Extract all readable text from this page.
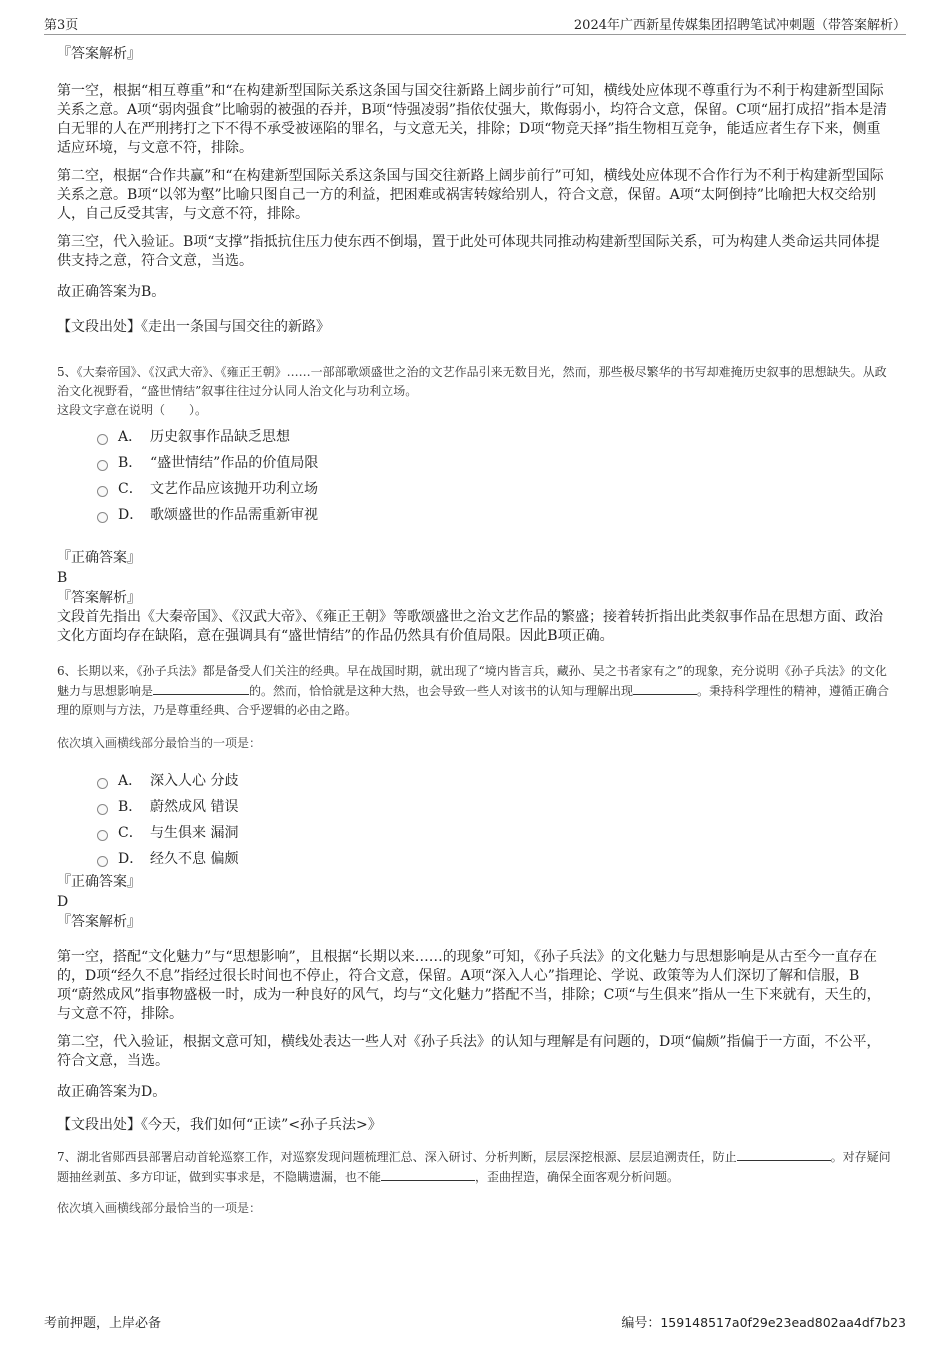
第3页	2024年广西新星传媒集团招聘笔试冲刺题（带答案解析）

『答案解析』

第一空，根据“相互尊重”和“在构建新型国际关系这条国与国交往新路上阔步前行”可知，横线处应体现不尊重行为不利于构建新型国际关系之意。A项“弱肉强食”比喻弱的被强的吞并，B项“恃强凌弱”指依仗强大，欺侮弱小，均符合文意，保留。C项“屈打成招”指本是清白无罪的人在严刑拷打之下不得不承受被诬陷的罪名，与文意无关，排除；D项“物竞天择”指生物相互竞争，能适应者生存下来，侧重适应环境，与文意不符，排除。

第二空，根据“合作共赢”和“在构建新型国际关系这条国与国交往新路上阔步前行”可知，横线处应体现不合作行为不利于构建新型国际关系之意。B项“以邻为壑”比喻只图自己一方的利益，把困难或祸害转嫁给别人，符合文意，保留。A项“太阿倒持”比喻把大权交给别人，自己反受其害，与文意不符，排除。

第三空，代入验证。B项“支撑”指抵抗住压力使东西不倒塌，置于此处可体现共同推动构建新型国际关系，可为构建人类命运共同体提供支持之意，符合文意，当选。

故正确答案为B。

【文段出处】《走出一条国与国交往的新路》

5、《大秦帝国》、《汉武大帝》、《雍正王朝》……一部部歌颂盛世之治的文艺作品引来无数目光，然而，那些极尽繁华的书写却难掩历史叙事的思想缺失。从政治文化视野看，“盛世情结”叙事往往过分认同人治文化与功利立场。

这段文字意在说明（　　）。

A． 历史叙事作品缺乏思想
B． “盛世情结”作品的价值局限
C． 文艺作品应该抛开功利立场
D． 歌颂盛世的作品需重新审视

『正确答案』

B

『答案解析』

文段首先指出《大秦帝国》、《汉武大帝》、《雍正王朝》等歌颂盛世之治文艺作品的繁盛；接着转折指出此类叙事作品在思想方面、政治文化方面均存在缺陷，意在强调具有“盛世情结”的作品仍然具有价值局限。因此B项正确。

6、长期以来，《孙子兵法》都是备受人们关注的经典。早在战国时期，就出现了“境内皆言兵，藏孙、吴之书者家有之”的现象，充分说明《孙子兵法》的文化魅力与思想影响是	的。然而，恰恰就是这种大热，也会导致一些人对该书的认知与理解出现	。秉持科学理性的精神，遵循正确合理的原则与方法，乃是尊重经典、合乎逻辑的必由之路。

依次填入画横线部分最恰当的一项是：

A． 深入人心 分歧
B． 蔚然成风 错误
C． 与生俱来 漏洞
D． 经久不息 偏颇

『正确答案』

D

『答案解析』

第一空，搭配“文化魅力”与“思想影响”，且根据“长期以来……的现象”可知，《孙子兵法》的文化魅力与思想影响是从古至今一直存在的，D项“经久不息”指经过很长时间也不停止，符合文意，保留。A项“深入人心”指理论、学说、政策等为人们深切了解和信服，B项“蔚然成风”指事物盛极一时，成为一种良好的风气，均与“文化魅力”搭配不当，排除；C项“与生俱来”指从一生下来就有，天生的，与文意不符，排除。

第二空，代入验证，根据文意可知，横线处表达一些人对《孙子兵法》的认知与理解是有问题的，D项“偏颇”指偏于一方面，不公平，符合文意，当选。

故正确答案为D。

【文段出处】《今天，我们如何“正读”<孙子兵法>》

7、湖北省郧西县部署启动首轮巡察工作，对巡察发现问题梳理汇总、深入研讨、分析判断，层层深挖根源、层层追溯责任，防止	。对存疑问题抽丝剥茧、多方印证，做到实事求是，不隐瞒遗漏，也不能	，歪曲捏造，确保全面客观分析问题。

依次填入画横线部分最恰当的一项是：

考前押题，上岸必备	编号：159148517a0f29e23ead802aa4df7b23
